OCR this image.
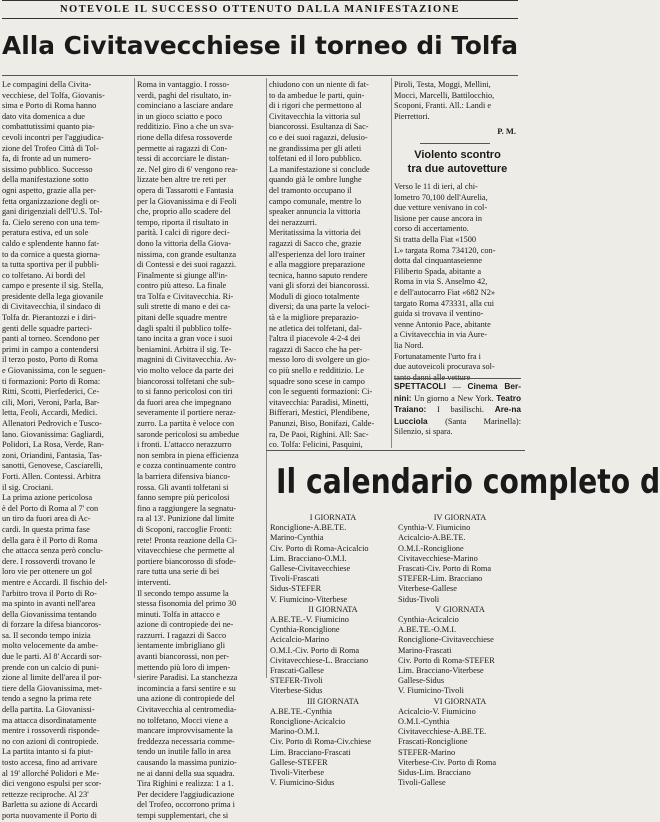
NOTEVOLE IL SUCCESSO OTTENUTO DALLA MANIFESTAZIONE
Alla Civitavecchiese il torneo di Tolfa
Le compagini della Civita-
vecchiese, del Tolfa, Giovanis-
sima e Porto di Roma hanno
dato vita domenica a due
combattutissimi quanto pia-
cevoli incontri per l'aggiudica-
zione del Trofeo Città di Tol-
fa, di fronte ad un numero-
sissimo pubblico. Successo
della manifestazione sotto
ogni aspetto, grazie alla per-
fetta organizzazione degli or-
gani dirigenziali dell'U.S. Tol-
fa. Cielo sereno con una tem-
peratura estiva, ed un sole
caldo e splendente hanno fat-
to da cornice a questa giorna-
ta tutta sportiva per il pubbli-
co tolfetano. Ai bordi del
campo e presente il sig. Stella,
presidente della lega giovanile
di Civitavecchia, il sindaco di
Tolfa dr. Pierantozzi e i diri-
genti delle squadre parteci-
panti al torneo. Scendono per
primi in campo a contendersi
il terzo posto, Porto di Roma
e Giovanissima, con le seguen-
ti formazioni: Porto di Roma:
Ritti, Scotti, Pierfederici, Ce-
cili, Mori, Veroni, Parla, Bar-
letta, Feoli, Accardi, Medici.
Allenatori Pedrovich e Tusco-
lano. Giovanissima: Gagliardi,
Polidori, La Rosa, Verde, Ran-
zoni, Oriandini, Fantasia, Tas-
sanotti, Genovese, Casciarelli,
Forti. Allen. Contessi. Arbitra
il sig. Crociani.
La prima azione pericolosa
è del Porto di Roma al 7' con
un tiro da fuori area di Ac-
cardi. In questa prima fase
della gara è il Porto di Roma
che attacca senza però conclu-
dere. I rossoverdi trovano le
loro vie per ottenere un gol
mentre e Accardi. Il fischio del-
l'arbitro trova il Porto di Ro-
ma spinto in avanti nell'area
della Giovanissima tentando
di forzare la difesa biancoros-
sa. Il secondo tempo inizia
molto velocemente da ambe-
due le parti. Al 8' Accardi sor-
prende con un calcio di puni-
zione al limite dell'area il por-
tiere della Giovanissima, met-
tendo a segno la prima rete
della partita. La Giovanissi-
ma attacca disordinatamente
mentre i rossoverdi risponde-
no con azioni di contropiede.
La partita intanto si fa piut-
tosto accesa, fino ad arrivare
al 19' allorché Polidori e Me-
dici vengono espulsi per scor-
rettezze reciproche. Al 23'
Barletta su azione di Accardi
porta nuovamente il Porto di
Roma in vantaggio. I rosso-
verdi, paghi del risultato, in-
cominciano a lasciare andare
in un gioco sciatto e poco
redditizio. Fino a che un sva-
rione della difesa rossoverde
permette ai ragazzi di Con-
tessi di accorciare le distan-
ze. Nel giro di 6' vengono rea-
lizzate ben altre tre reti per
opera di Tassarotti e Fantasia
per la Giovanissima e di Feoli
che, proprio allo scadere del
tempo, riporta il risultato in
parità. I calci di rigore deci-
dono la vittoria della Giova-
nissima, con grande esultanza
di Contessi e dei suoi ragazzi.
Finalmente si giunge all'in-
contro più atteso. La finale
tra Tolfa e Civitavecchia. Ri-
suli strette di mano e dei ca-
pitani delle squadre mentre
dagli spalti il pubblico tolfe-
tano incita a gran voce i suoi
beniamini. Arbitra il sig. Te-
magnini di Civitavecchia. Av-
vio molto veloce da parte dei
biancorossi tolfetani che sub-
to si fanno pericolosi con tiri
da fuori area che impegnano
severamente il portiere neraz-
zurro. La partita è veloce con
saronde pericolosi su ambedue
i fronti. L'attacco nerazzurro
non sembra in piena efficienza
e cozza continuamente contro
la barriera difensiva bianco-
rossa. Gli avanti tolfetani si
fanno sempre più pericolosi
fino a raggiungere la segnatu-
ra al 13'. Punizione dal limite
di Scoponi, raccoglie Fronti:
rete! Pronta reazione della Ci-
vitavecchiese che permette al
portiere biancorosso di sfode-
rare tutta una serie di bei
interventi.
Il secondo tempo assume la
stessa fisonomia del primo 30
minuti. Tolfa in attacco e
azione di contropiede dei ne-
razzurri. I ragazzi di Sacco
ientamente imbrigliano gli
avanti biancorossi, non per-
mettendo più loro di impen-
sierire Paradisi. La stanchezza
incomincia a farsi sentire e su
una azione di contropiede del
Civitavecchia al centromedia-
no tolfetano, Mocci viene a
mancare improvvisamente la
freddezza necessaria comme-
tendo un inutile fallo in area
causando la massima punizio-
ne ai danni della sua squadra.
Tira Righini e realizza: 1 a 1.
Per decidere l'aggiudicazione
del Trofeo, occorrono prima i
tempi supplementari, che si
chiudono con un niente di fat-
to da ambedue le parti, quin-
di i rigori che permettono al
Civitavecchia la vittoria sul
biancorossi. Esultanza di Sac-
co e dei suoi ragazzi, delusio-
ne grandissima per gli atleti
tolfetani ed il loro pubblico.
La manifestazione si conclude
quando già le ombre lunghe
del tramonto occupano il
campo comunale, mentre lo
speaker annuncia la vittoria
dei nerazzurri.
Meritatissima la vittoria dei
ragazzi di Sacco che, grazie
all'esperienza del loro trainer
e alla maggiore preparazione
tecnica, hanno saputo rendere
vani gli sforzi dei biancorossi.
Moduli di gioco totalmente
diversi; da una parte la veloci-
tà e la migliore preparazio-
ne atletica dei tolfetani, dal-
l'altra il piacevole 4-2-4 dei
ragazzi di Sacco che ha per-
messo loro di svolgere un gio-
co più snello e redditizio. Le
squadre sono scese in campo
con le seguenti formazioni: Ci-
vitavecchia: Paradisi, Minetti,
Bifferari, Mestici, Plendibene,
Panunzi, Biso, Bonifazi, Calde-
ra, De Paoi, Righini. All: Sac-
co. Tolfa: Felicini, Pasquini,
Piroli, Testa, Moggi, Mellini,
Mocci, Marcelli, Battilocchio,
Scoponi, Franti. All.: Landi e
Pierrettori.
P. M.
Violento scontro
tra due autovetture
Verso le 11 di ieri, al chi-
lometro 70,100 dell'Aurelia,
due vetture venivano in col-
lisione per cause ancora in
corso di accertamento.
Si tratta della Fiat «1500
L» targata Roma 734120, con-
dotta dal cinquantaseienne
Filiberto Spada, abitante a
Roma in via S. Anselmo 42,
e dell'autocarro Fiat «682 N2»
targato Roma 473331, alla cui
guida si trovava il ventino-
venne Antonio Pace, abitante
a Civitavecchia in via Aure-
lia Nord.
Fortunatamente l'urto fra i
due autoveicoli procurava sol-
tanto danni alle vetture
SPETTACOLI — Cinema Ber- nini: Un giorno a New York. Teatro Traiano: I basilischi. Are-na Lucciola (Santa Marinella): Silenzio, si spara.
Il calendario completo d
I GIORNATA
Ronciglione-A.BE.TE.
Marino-Cynthia
Civ. Porto di Roma-Acicalcio
Lim. Bracciano-O.M.I.
Gallese-Civitavecchiese
Tivoli-Frascati
Sidus-STEFER
V. Fiumicino-Viterbese
II GIORNATA
A.BE.TE.-V. Fiumicino
Cynthia-Ronciglione
Acicalcio-Marino
O.M.I.-Civ. Porto di Roma
Civitavecchiese-L. Bracciano
Frascati-Gallese
STEFER-Tivoli
Viterbese-Sidus
III GIORNATA
A.BE.TE.-Cynthia
Ronciglione-Acicalcio
Marino-O.M.I.
Civ. Porto di Roma-Civ.chiese
Lim. Bracciano-Frascati
Gallese-STEFER
Tivoli-Viterbese
V. Fiumicino-Sidus
IV GIORNATA
Cynthia-V. Fiumicino
Acicalcio-A.BE.TE.
O.M.I.-Ronciglione
Civitavecchiese-Marino
Frascati-Civ. Porto di Roma
STEFER-Lim. Bracciano
Viterbese-Gallese
Sidus-Tivoli
V GIORNATA
Cynthia-Acicalcio
A.BE.TE.-O.M.I.
Ronciglione-Civitavecchiese
Marino-Frascati
Civ. Porto di Roma-STEFER
Lim. Bracciano-Viterbese
Gallese-Sidus
V. Fiumicino-Tivoli
VI GIORNATA
Acicalcio-V. Fiumicino
O.M.I.-Cynthia
Civitavecchiese-A.BE.TE.
Frascati-Ronciglione
STEFER-Marino
Viterbese-Civ. Porto di Roma
Sidus-Lim. Bracciano
Tivoli-Gallese
